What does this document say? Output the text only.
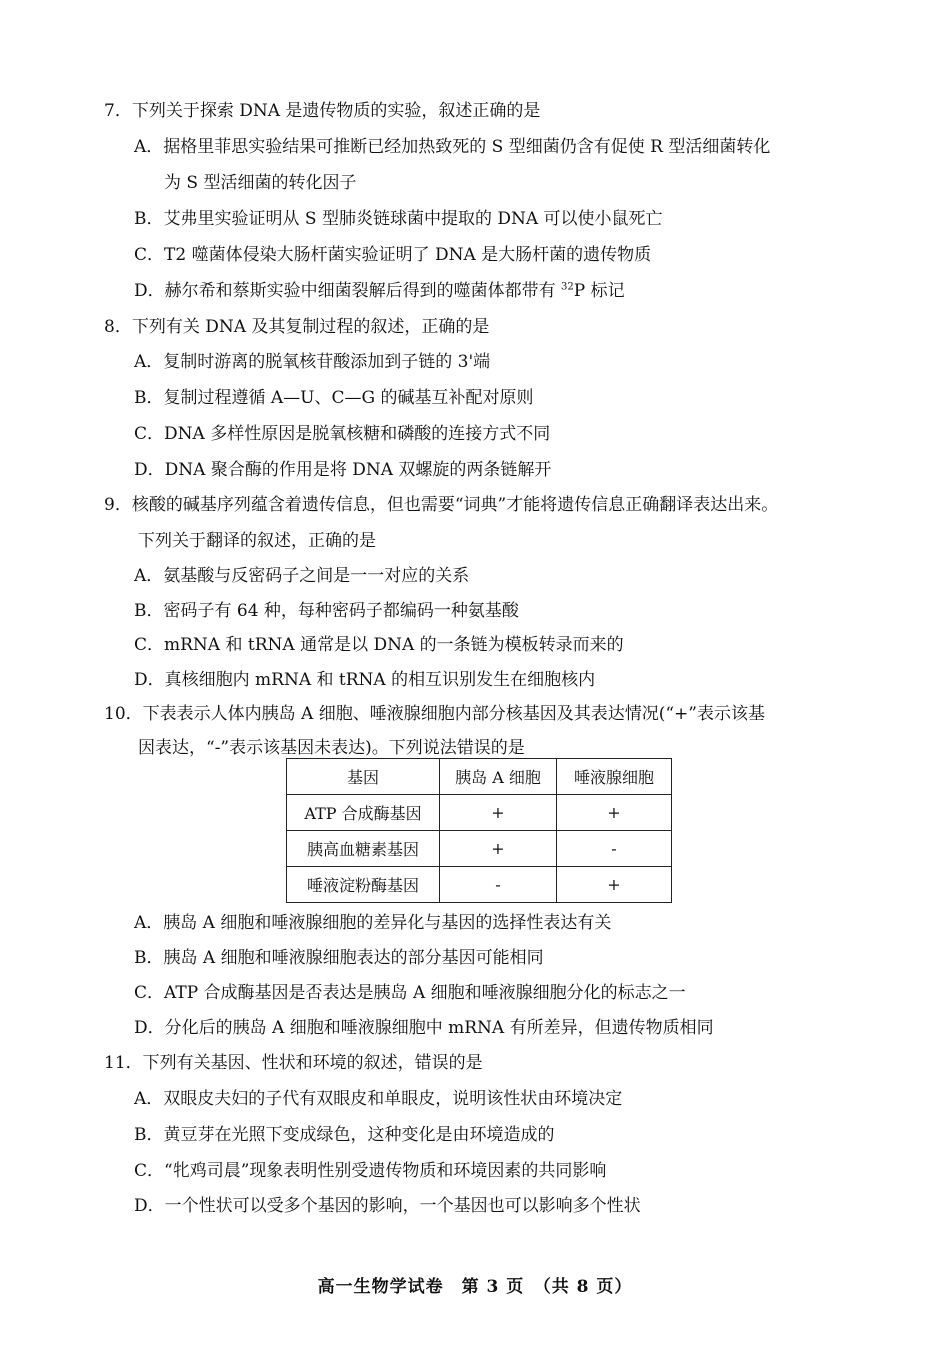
7．下列关于探索 DNA 是遗传物质的实验，叙述正确的是
A．据格里菲思实验结果可推断已经加热致死的 S 型细菌仍含有促使 R 型活细菌转化
为 S 型活细菌的转化因子
B．艾弗里实验证明从 S 型肺炎链球菌中提取的 DNA 可以使小鼠死亡
C．T2 噬菌体侵染大肠杆菌实验证明了 DNA 是大肠杆菌的遗传物质
D．赫尔希和蔡斯实验中细菌裂解后得到的噬菌体都带有 $^{32}$P 标记
8．下列有关 DNA 及其复制过程的叙述，正确的是
A．复制时游离的脱氧核苷酸添加到子链的 3'端
B．复制过程遵循 A—U、C—G 的碱基互补配对原则
C．DNA 多样性原因是脱氧核糖和磷酸的连接方式不同
D．DNA 聚合酶的作用是将 DNA 双螺旋的两条链解开
9．核酸的碱基序列蕴含着遗传信息，但也需要“词典”才能将遗传信息正确翻译表达出来。
下列关于翻译的叙述，正确的是
A．氨基酸与反密码子之间是一一对应的关系
B．密码子有 64 种，每种密码子都编码一种氨基酸
C．mRNA 和 tRNA 通常是以 DNA 的一条链为模板转录而来的
D．真核细胞内 mRNA 和 tRNA 的相互识别发生在细胞核内
10．下表表示人体内胰岛 A 细胞、唾液腺细胞内部分核基因及其表达情况(“+”表示该基
因表达，“-”表示该基因未表达)。下列说法错误的是
基因	胰岛 A 细胞	唾液腺细胞
ATP 合成酶基因	+	+
胰高血糖素基因	+	-
唾液淀粉酶基因	-	+
A．胰岛 A 细胞和唾液腺细胞的差异化与基因的选择性表达有关
B．胰岛 A 细胞和唾液腺细胞表达的部分基因可能相同
C．ATP 合成酶基因是否表达是胰岛 A 细胞和唾液腺细胞分化的标志之一
D．分化后的胰岛 A 细胞和唾液腺细胞中 mRNA 有所差异，但遗传物质相同
11．下列有关基因、性状和环境的叙述，错误的是
A．双眼皮夫妇的子代有双眼皮和单眼皮，说明该性状由环境决定
B．黄豆芽在光照下变成绿色，这种变化是由环境造成的
C．“牝鸡司晨”现象表明性别受遗传物质和环境因素的共同影响
D．一个性状可以受多个基因的影响，一个基因也可以影响多个性状
高一生物学试卷　第 3 页　（共 8 页）
